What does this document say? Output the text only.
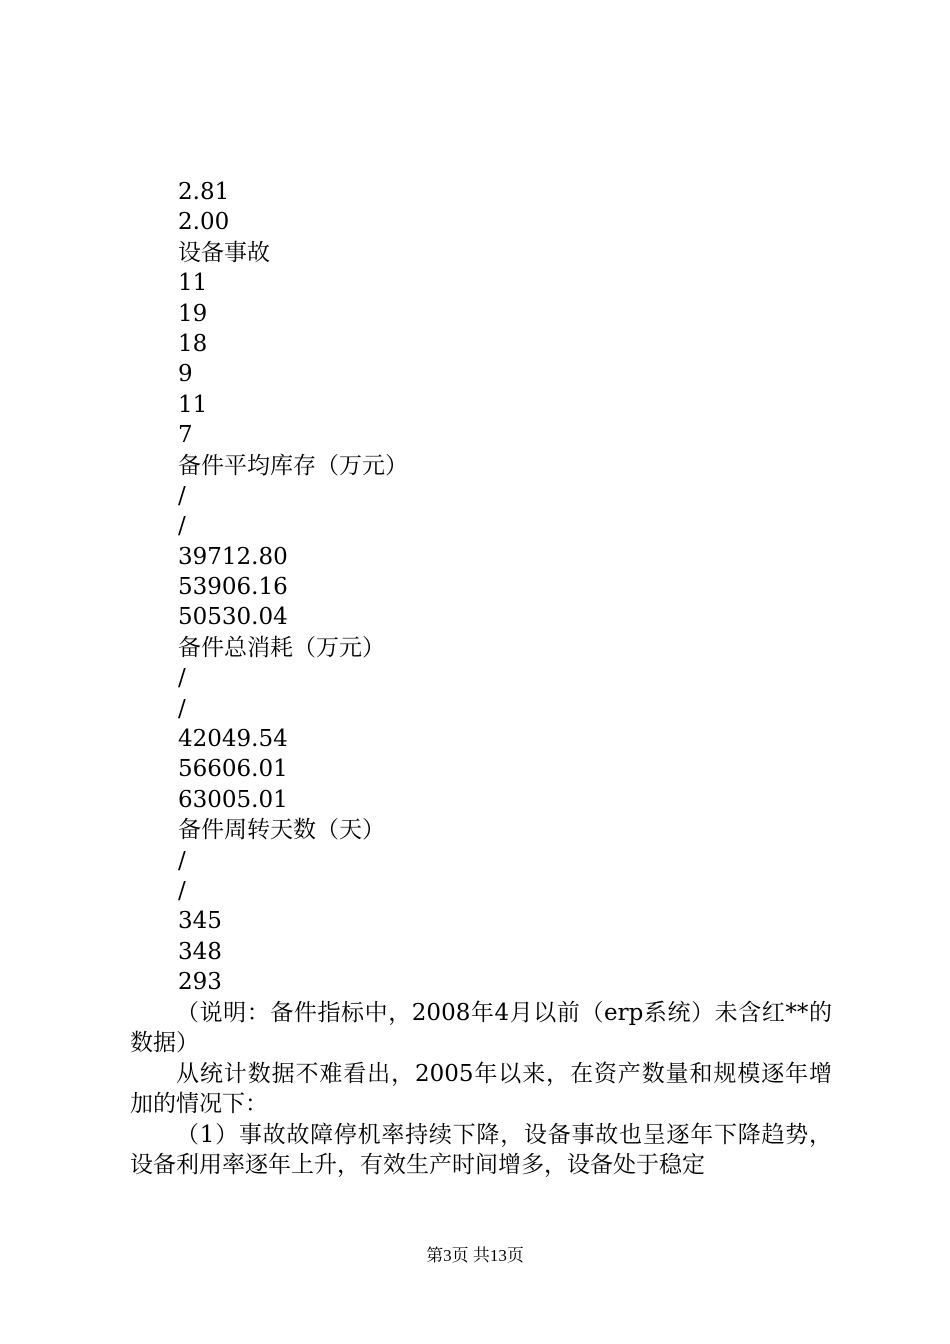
2.81
2.00
设备事故
11
19
18
9
11
7
备件平均库存（万元）
/
/
39712.80
53906.16
50530.04
备件总消耗（万元）
/
/
42049.54
56606.01
63005.01
备件周转天数（天）
/
/
345
348
293

（说明：备件指标中，2008年4月以前（erp系统）未含红**的数据）

从统计数据不难看出，2005年以来，在资产数量和规模逐年增加的情况下：

（1）事故故障停机率持续下降，设备事故也呈逐年下降趋势，设备利用率逐年上升，有效生产时间增多，设备处于稳定

第3页 共13页
